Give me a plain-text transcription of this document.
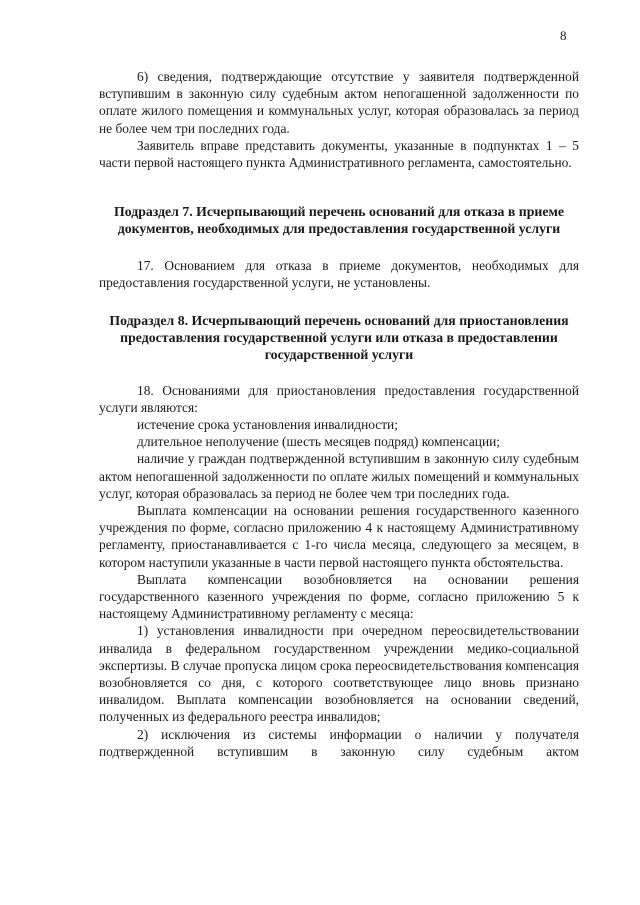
8

6) сведения, подтверждающие отсутствие у заявителя подтвержденной вступившим в законную силу судебным актом непогашенной задолженности по оплате жилого помещения и коммунальных услуг, которая образовалась за период не более чем три последних года.

Заявитель вправе представить документы, указанные в подпунктах 1 – 5 части первой настоящего пункта Административного регламента, самостоятельно.

Подраздел 7. Исчерпывающий перечень оснований для отказа в приеме документов, необходимых для предоставления государственной услуги

17. Основанием для отказа в приеме документов, необходимых для предоставления государственной услуги, не установлены.

Подраздел 8. Исчерпывающий перечень оснований для приостановления предоставления государственной услуги или отказа в предоставлении государственной услуги

18. Основаниями для приостановления предоставления государственной услуги являются:

истечение срока установления инвалидности;

длительное неполучение (шесть месяцев подряд) компенсации;

наличие у граждан подтвержденной вступившим в законную силу судебным актом непогашенной задолженности по оплате жилых помещений и коммунальных услуг, которая образовалась за период не более чем три последних года.

Выплата компенсации на основании решения государственного казенного учреждения по форме, согласно приложению 4 к настоящему Административному регламенту, приостанавливается с 1-го числа месяца, следующего за месяцем, в котором наступили указанные в части первой настоящего пункта обстоятельства.

Выплата компенсации возобновляется на основании решения государственного казенного учреждения по форме, согласно приложению 5 к настоящему Административному регламенту с месяца:

1) установления инвалидности при очередном переосвидетельствовании инвалида в федеральном государственном учреждении медико-социальной экспертизы. В случае пропуска лицом срока переосвидетельствования компенсация возобновляется со дня, с которого соответствующее лицо вновь признано инвалидом. Выплата компенсации возобновляется на основании сведений, полученных из федерального реестра инвалидов;

2) исключения из системы информации о наличии у получателя подтвержденной вступившим в законную силу судебным актом
